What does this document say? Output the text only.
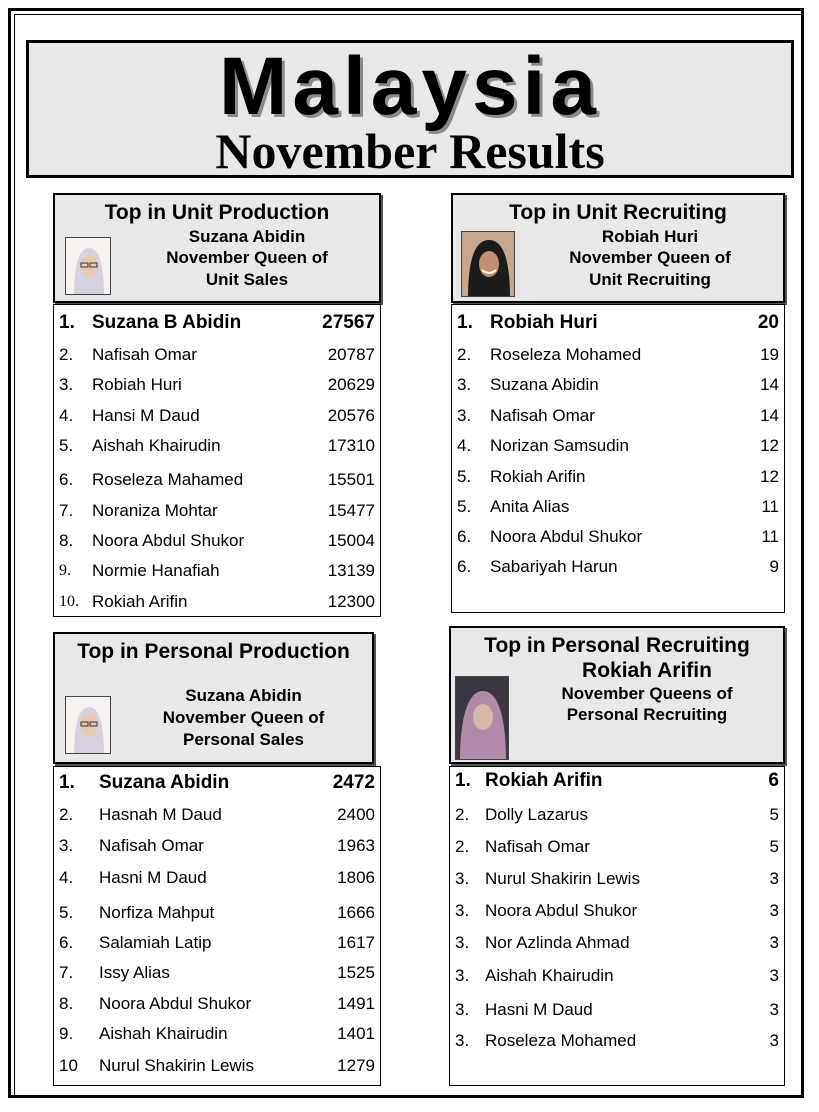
Malaysia
November Results
Top in Unit Production
Suzana Abidin
November Queen of
Unit Sales
1. Suzana B Abidin	27567
2. Nafisah Omar	20787
3. Robiah Huri	20629
4. Hansi M Daud	20576
5. Aishah Khairudin	17310
6. Roseleza Mahamed	15501
7. Noraniza Mohtar	15477
8. Noora Abdul Shukor	15004
9. Normie Hanafiah	13139
10. Rokiah Arifin	12300
Top in Unit Recruiting
Robiah Huri
November Queen of
Unit Recruiting
1. Robiah Huri	20
2. Roseleza Mohamed	19
3. Suzana Abidin	14
3. Nafisah Omar	14
4. Norizan Samsudin	12
5. Rokiah Arifin	12
5. Anita Alias	11
6. Noora Abdul Shukor	11
6. Sabariyah Harun	9
Top in Personal Production
Suzana Abidin
November Queen of
Personal Sales
1. Suzana Abidin	2472
2. Hasnah M Daud	2400
3. Nafisah Omar	1963
4. Hasni M Daud	1806
5. Norfiza Mahput	1666
6. Salamiah Latip	1617
7. Issy Alias	1525
8. Noora Abdul Shukor	1491
9. Aishah Khairudin	1401
10 Nurul Shakirin Lewis	1279
Top in Personal Recruiting
Rokiah Arifin
November Queens of
Personal Recruiting
1. Rokiah Arifin	6
2. Dolly Lazarus	5
2. Nafisah Omar	5
3. Nurul Shakirin Lewis	3
3. Noora Abdul Shukor	3
3. Nor Azlinda Ahmad	3
3. Aishah Khairudin	3
3. Hasni M Daud	3
3. Roseleza Mohamed	3
